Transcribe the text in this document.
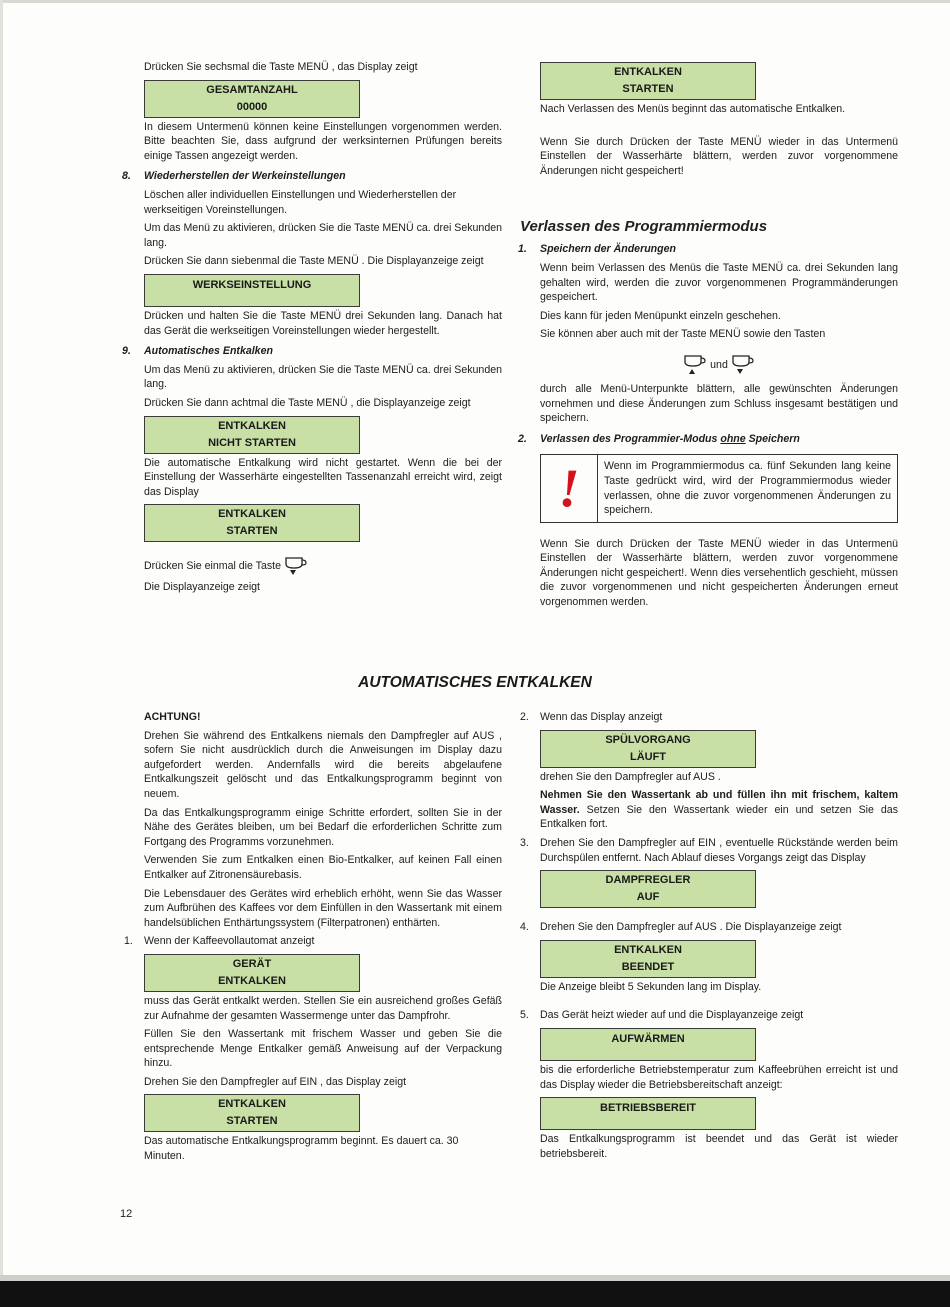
Drücken Sie sechsmal die Taste MENÜ , das Display zeigt

GESAMTANZAHL
00000

In diesem Untermenü können keine Einstellungen vorgenommen werden. Bitte beachten Sie, dass aufgrund der werksinternen Prüfungen bereits einige Tassen angezeigt werden.

8. Wiederherstellen der Werkeinstellungen

Löschen aller individuellen Einstellungen und Wiederherstellen der werkseitigen Voreinstellungen.

Um das Menü zu aktivieren, drücken Sie die Taste MENÜ ca. drei Sekunden lang.

Drücken Sie dann siebenmal die Taste MENÜ . Die Displayanzeige zeigt

WERKSEINSTELLUNG

Drücken und halten Sie die Taste MENÜ drei Sekunden lang. Danach hat das Gerät die werkseitigen Voreinstellungen wieder hergestellt.

9. Automatisches Entkalken

Um das Menü zu aktivieren, drücken Sie die Taste MENÜ ca. drei Sekunden lang.

Drücken Sie dann achtmal die Taste MENÜ , die Displayanzeige zeigt

ENTKALKEN
NICHT STARTEN

Die automatische Entkalkung wird nicht gestartet. Wenn die bei der Einstellung der Wasserhärte eingestellten Tassenanzahl erreicht wird, zeigt das Display

ENTKALKEN
STARTEN

Drücken Sie einmal die Taste

Die Displayanzeige zeigt

ENTKALKEN
STARTEN

Nach Verlassen des Menüs beginnt das automatische Entkalken.

Wenn Sie durch Drücken der Taste MENÜ wieder in das Untermenü Einstellen der Wasserhärte blättern, werden zuvor vorgenommene Änderungen nicht gespeichert!

Verlassen des Programmiermodus

1. Speichern der Änderungen

Wenn beim Verlassen des Menüs die Taste MENÜ ca. drei Sekunden lang gehalten wird, werden die zuvor vorgenommenen Programmänderungen gespeichert.

Dies kann für jeden Menüpunkt einzeln geschehen.

Sie können aber auch mit der Taste MENÜ sowie den Tasten

und

durch alle Menü-Unterpunkte blättern, alle gewünschten Änderungen vornehmen und diese Änderungen zum Schluss insgesamt bestätigen und speichern.

2. Verlassen des Programmier-Modus ohne Speichern

!	Wenn im Programmiermodus ca. fünf Sekunden lang keine Taste gedrückt wird, wird der Programmiermodus wieder verlassen, ohne die zuvor vorgenommenen Änderungen zu speichern.

Wenn Sie durch Drücken der Taste MENÜ wieder in das Untermenü Einstellen der Wasserhärte blättern, werden zuvor vorgenommene Änderungen nicht gespeichert!. Wenn dies versehentlich geschieht, müssen die zuvor vorgenommenen und nicht gespeicherten Änderungen erneut vorgenommen werden.

AUTOMATISCHES ENTKALKEN

ACHTUNG!

Drehen Sie während des Entkalkens niemals den Dampfregler auf AUS , sofern Sie nicht ausdrücklich durch die Anweisungen im Display dazu aufgefordert werden. Andernfalls wird die bereits abgelaufene Entkalkungszeit gelöscht und das Entkalkungsprogramm beginnt von neuem.

Da das Entkalkungsprogramm einige Schritte erfordert, sollten Sie in der Nähe des Gerätes bleiben, um bei Bedarf die erforderlichen Schritte zum Fortgang des Programms vorzunehmen.

Verwenden Sie zum Entkalken einen Bio-Entkalker, auf keinen Fall einen Entkalker auf Zitronensäurebasis.

Die Lebensdauer des Gerätes wird erheblich erhöht, wenn Sie das Wasser zum Aufbrühen des Kaffees vor dem Einfüllen in den Wassertank mit einem handelsüblichen Enthärtungssystem (Filterpatronen) enthärten.

1. Wenn der Kaffeevollautomat anzeigt

GERÄT
ENTKALKEN

muss das Gerät entkalkt werden. Stellen Sie ein ausreichend großes Gefäß zur Aufnahme der gesamten Wassermenge unter das Dampfrohr.

Füllen Sie den Wassertank mit frischem Wasser und geben Sie die entsprechende Menge Entkalker gemäß Anweisung auf der Verpackung hinzu.

Drehen Sie den Dampfregler auf EIN , das Display zeigt

ENTKALKEN
STARTEN

Das automatische Entkalkungsprogramm beginnt. Es dauert ca. 30 Minuten.

2. Wenn das Display anzeigt

SPÜLVORGANG
LÄUFT

drehen Sie den Dampfregler auf AUS .

Nehmen Sie den Wassertank ab und füllen ihn mit frischem, kaltem Wasser. Setzen Sie den Wassertank wieder ein und setzen Sie das Entkalken fort.

3. Drehen Sie den Dampfregler auf EIN , eventuelle Rückstände werden beim Durchspülen entfernt. Nach Ablauf dieses Vorgangs zeigt das Display

DAMPFREGLER
AUF

4. Drehen Sie den Dampfregler auf AUS . Die Displayanzeige zeigt

ENTKALKEN
BEENDET

Die Anzeige bleibt 5 Sekunden lang im Display.

5. Das Gerät heizt wieder auf und die Displayanzeige zeigt

AUFWÄRMEN

bis die erforderliche Betriebstemperatur zum Kaffeebrühen erreicht ist und das Display wieder die Betriebsbereitschaft anzeigt:

BETRIEBSBEREIT

Das Entkalkungsprogramm ist beendet und das Gerät ist wieder betriebsbereit.

12
